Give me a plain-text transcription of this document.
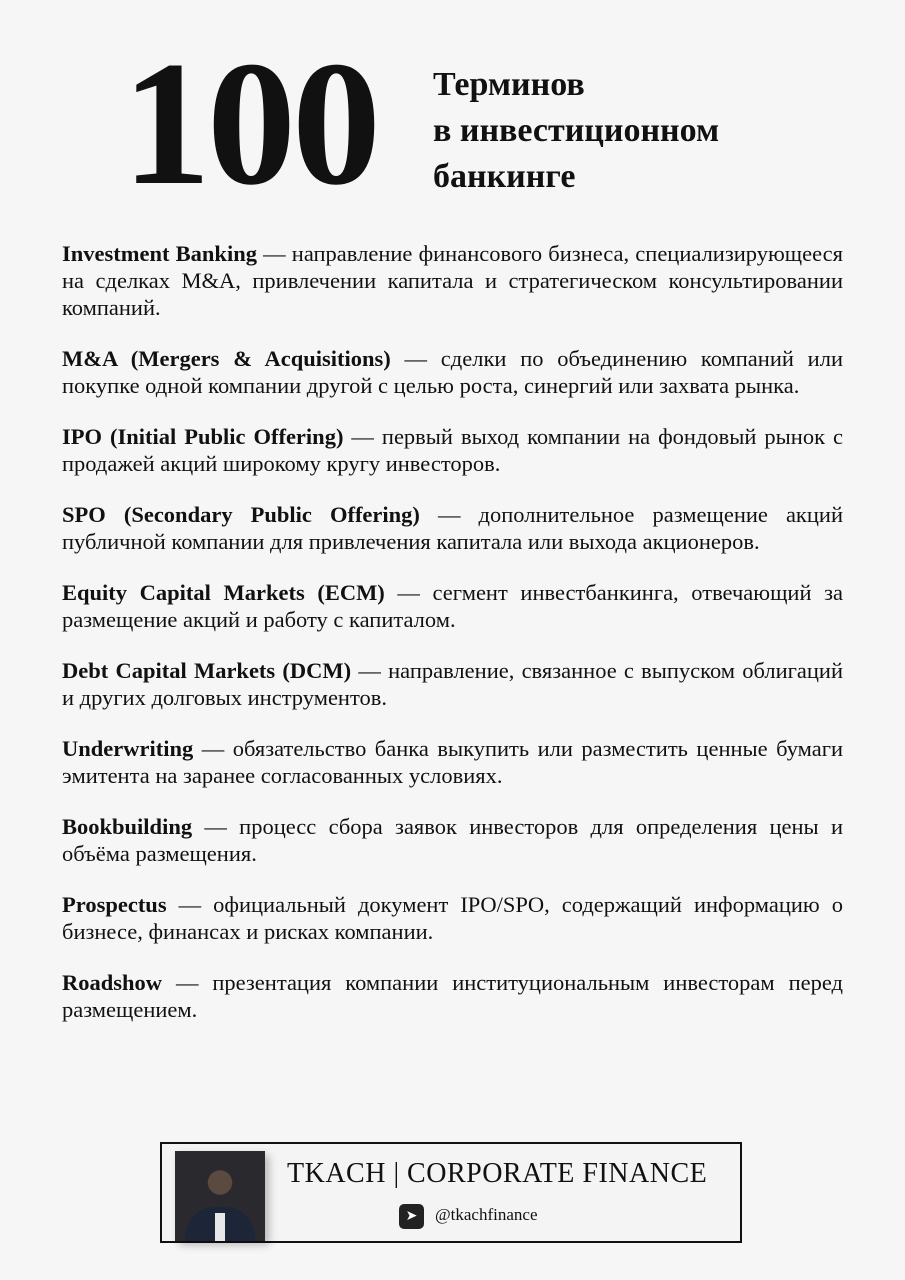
100 Терминов
в инвестиционном
банкинге

Investment Banking — направление финансового бизнеса, специализирующееся на сделках M&A, привлечении капитала и стратегическом консультировании компаний.

M&A (Mergers & Acquisitions) — сделки по объединению компаний или покупке одной компании другой с целью роста, синергий или захвата рынка.

IPO (Initial Public Offering) — первый выход компании на фондовый рынок с продажей акций широкому кругу инвесторов.

SPO (Secondary Public Offering) — дополнительное размещение акций публичной компании для привлечения капитала или выхода акционеров.

Equity Capital Markets (ECM) — сегмент инвестбанкинга, отвечающий за размещение акций и работу с капиталом.

Debt Capital Markets (DCM) — направление, связанное с выпуском облигаций и других долговых инструментов.

Underwriting — обязательство банка выкупить или разместить ценные бумаги эмитента на заранее согласованных условиях.

Bookbuilding — процесс сбора заявок инвесторов для определения цены и объёма размещения.

Prospectus — официальный документ IPO/SPO, содержащий информацию о бизнесе, финансах и рисках компании.

Roadshow — презентация компании институциональным инвесторам перед размещением.

TKACH | CORPORATE FINANCE
➤	@tkachfinance
